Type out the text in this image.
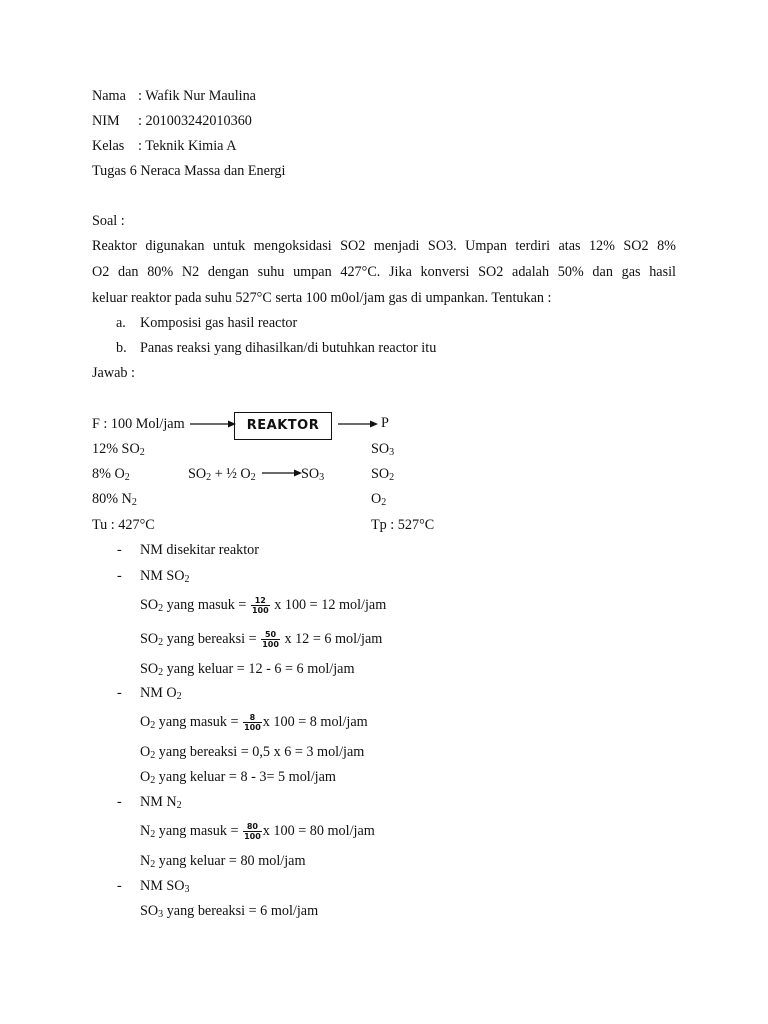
Nama : Wafik Nur Maulina
NIM : 201003242010360
Kelas : Teknik Kimia A
Tugas 6 Neraca Massa dan Energi
Soal :
Reaktor digunakan untuk mengoksidasi SO2 menjadi SO3. Umpan terdiri atas 12% SO2 8%
O2 dan 80% N2 dengan suhu umpan 427°C. Jika konversi SO2 adalah 50% dan gas hasil
keluar reaktor pada suhu 527°C serta 100 m0ol/jam gas di umpankan. Tentukan :
a. Komposisi gas hasil reactor
b. Panas reaksi yang dihasilkan/di butuhkan reactor itu
Jawab :
F : 100 Mol/jam	REAKTOR	P
12% $SO_2$
8% $O_2$
80% $N_2$
Tu : 427°C
$SO_2$ + ½ $O_2 \to SO_3$
$SO_3$
$SO_2$
$O_2$
Tp : 527°C
- NM disekitar reaktor
- NM $SO_2$
$SO_2$ yang masuk = $\frac{12}{100}$ x 100 = 12 mol/jam
$SO_2$ yang bereaksi = $\frac{50}{100}$ x 12 = 6 mol/jam
$SO_2$ yang keluar = 12 - 6 = 6 mol/jam
- NM $O_2$
$O_2$ yang masuk = $\frac{8}{100}$ x 100 = 8 mol/jam
$O_2$ yang bereaksi = 0,5 x 6 = 3 mol/jam
$O_2$ yang keluar = 8 - 3= 5 mol/jam
- NM $N_2$
$N_2$ yang masuk = $\frac{80}{100}$ x 100 = 80 mol/jam
$N_2$ yang keluar = 80 mol/jam
- NM $SO_3$
$SO_3$ yang bereaksi = 6 mol/jam
